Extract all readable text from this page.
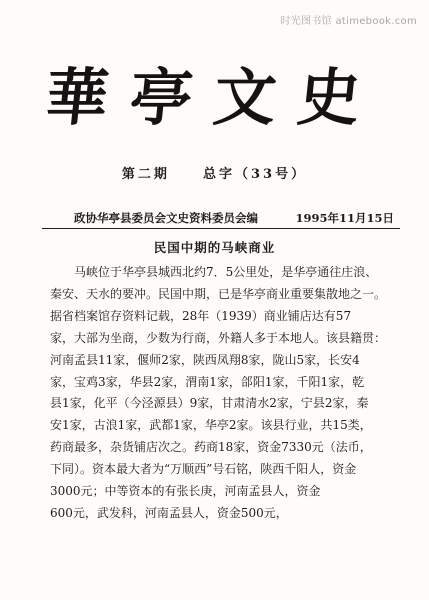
时光图书馆 atimebook.com
華亭文史
第二期	总字（33号）
政协华亭县委员会文史资料委员会编	1995年11月15日
民国中期的马峡商业
马峡位于华亭县城西北约7．5公里处，是华亭通往庄浪、
秦安、天水的要冲。民国中期，已是华亭商业重要集散地之一。
据省档案馆存资料记载，28年（1939）商业铺店达有57
家，大部为坐商，少数为行商，外籍人多于本地人。该县籍贯：
河南孟县11家，偃师2家，陕西凤翔8家，陇山5家，长安4
家，宝鸡3家，华县2家，渭南1家，郃阳1家，千阳1家，乾
县1家，化平（今泾源县）9家，甘肃清水2家，宁县2家，秦
安1家，古浪1家，武都1家，华亭2家。该县行业，共15类，
药商最多，杂货铺店次之。药商18家，资金7330元（法币，
下同）。资本最大者为“万顺西”号石铭，陕西千阳人，资金
3000元；中等资本的有张长庚，河南孟县人，资金
600元，武发科，河南孟县人，资金500元，
